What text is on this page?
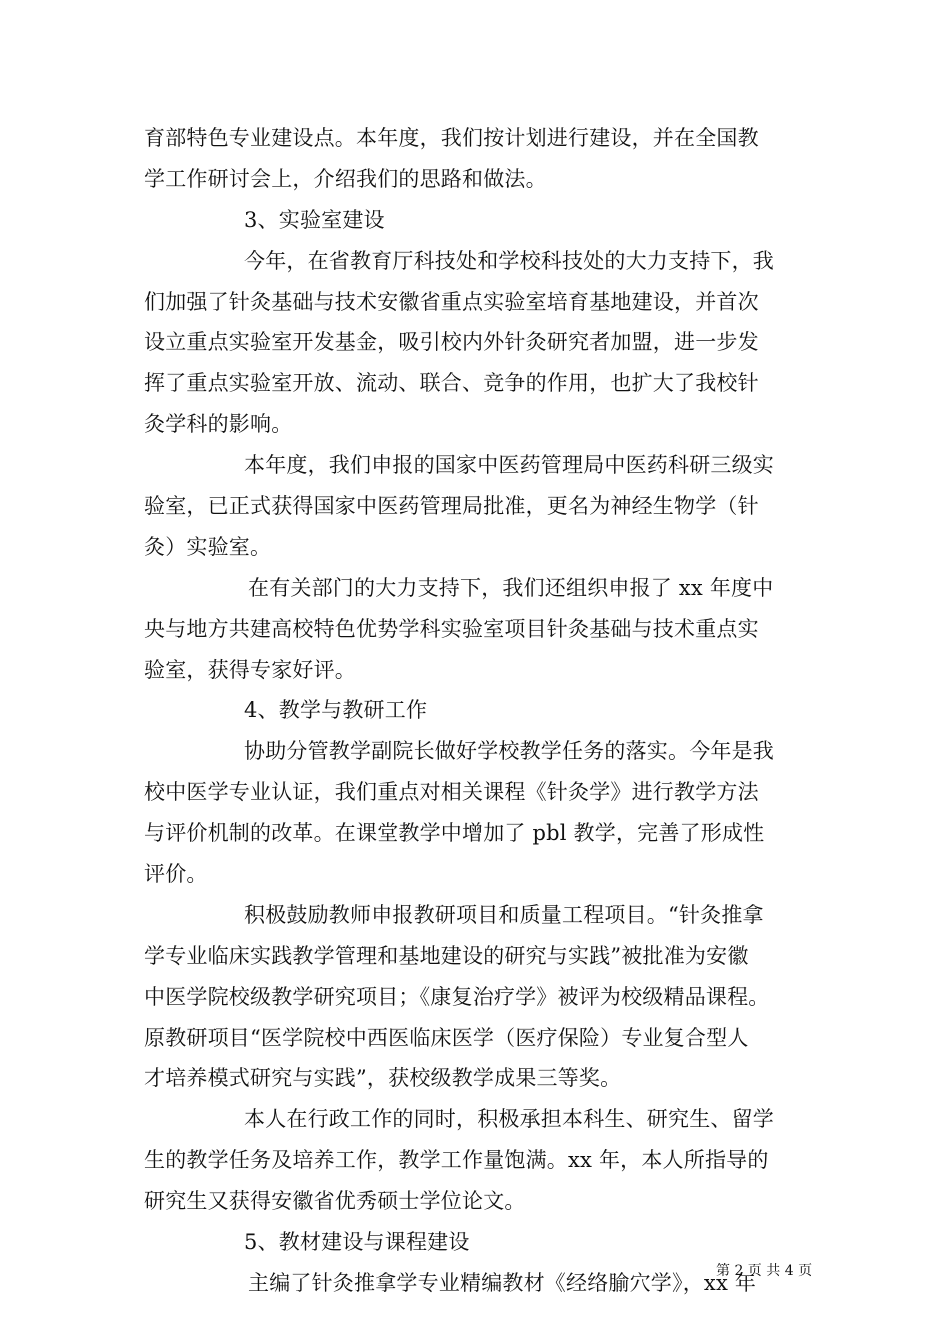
育部特色专业建设点。本年度，我们按计划进行建设，并在全国教
学工作研讨会上，介绍我们的思路和做法。
3、实验室建设
今年，在省教育厅科技处和学校科技处的大力支持下，我
们加强了针灸基础与技术安徽省重点实验室培育基地建设，并首次
设立重点实验室开发基金，吸引校内外针灸研究者加盟，进一步发
挥了重点实验室开放、流动、联合、竞争的作用，也扩大了我校针
灸学科的影响。
本年度，我们申报的国家中医药管理局中医药科研三级实
验室，已正式获得国家中医药管理局批准，更名为神经生物学（针
灸）实验室。
在有关部门的大力支持下，我们还组织申报了 xx 年度中
央与地方共建高校特色优势学科实验室项目针灸基础与技术重点实
验室，获得专家好评。
4、教学与教研工作
协助分管教学副院长做好学校教学任务的落实。今年是我
校中医学专业认证，我们重点对相关课程《针灸学》进行教学方法
与评价机制的改革。在课堂教学中增加了 pbl 教学，完善了形成性
评价。
积极鼓励教师申报教研项目和质量工程项目。“针灸推拿
学专业临床实践教学管理和基地建设的研究与实践”被批准为安徽
中医学院校级教学研究项目；《康复治疗学》被评为校级精品课程。
原教研项目“医学院校中西医临床医学（医疗保险）专业复合型人
才培养模式研究与实践”，获校级教学成果三等奖。
本人在行政工作的同时，积极承担本科生、研究生、留学
生的教学任务及培养工作，教学工作量饱满。xx 年，本人所指导的
研究生又获得安徽省优秀硕士学位论文。
5、教材建设与课程建设
主编了针灸推拿学专业精编教材《经络腧穴学》，xx 年
第 2 页 共 4 页
